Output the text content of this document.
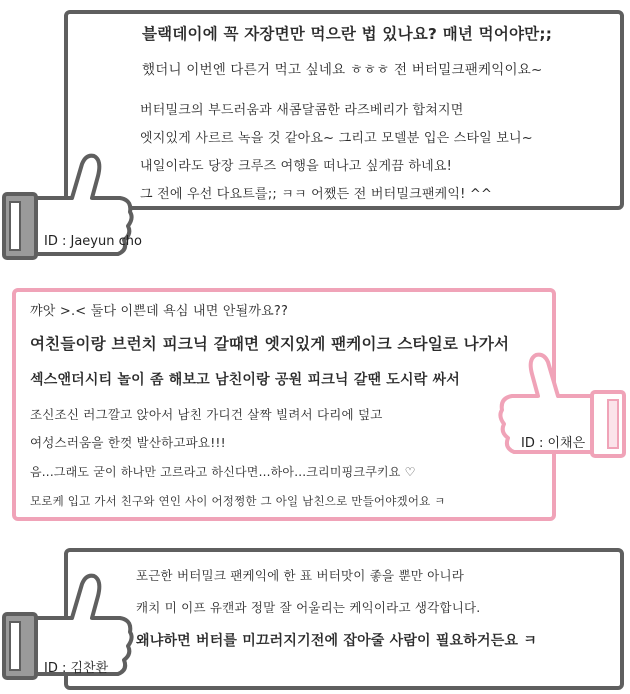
블랙데이에 꼭 자장면만 먹으란 법 있나요? 매년 먹어야만;;
했더니 이번엔 다른거 먹고 싶네요 ㅎㅎㅎ 전 버터밀크팬케익이요~
버터밀크의 부드러움과 새콤달콤한 라즈베리가 합쳐지면
엣지있게 사르르 녹을 것 같아요~ 그리고 모델분 입은 스타일 보니~
내일이라도 당장 크루즈 여행을 떠나고 싶게끔 하네요!
그 전에 우선 다요트를;; ㅋㅋ 어쨌든 전 버터밀크팬케익! ^^
ID : Jaeyun cho
꺄앗 >.< 둘다 이쁜데 욕심 내면 안될까요??
여친들이랑 브런치 피크닉 갈때면 엣지있게 팬케이크 스타일로 나가서
섹스앤더시티 놀이 좀 해보고 남친이랑 공원 피크닉 갈땐 도시락 싸서
조신조신 러그깔고 앉아서 남친 가디건 살짝 빌려서 다리에 덮고
여성스러움을 한껏 발산하고파요!!!
음...그래도 굳이 하나만 고르라고 하신다면...하아...크리미핑크쿠키요 ♡
모로케 입고 가서 친구와 연인 사이 어정쩡한 그 아일 남친으로 만들어야겠어요 ㅋ
ID : 이채은
포근한 버터밀크 팬케익에 한 표 버터맛이 좋을 뿐만 아니라
캐치 미 이프 유캔과 정말 잘 어울리는 케익이라고 생각합니다.
왜냐하면 버터를 미끄러지기전에 잡아줄 사람이 필요하거든요 ㅋ
ID : 김찬환
